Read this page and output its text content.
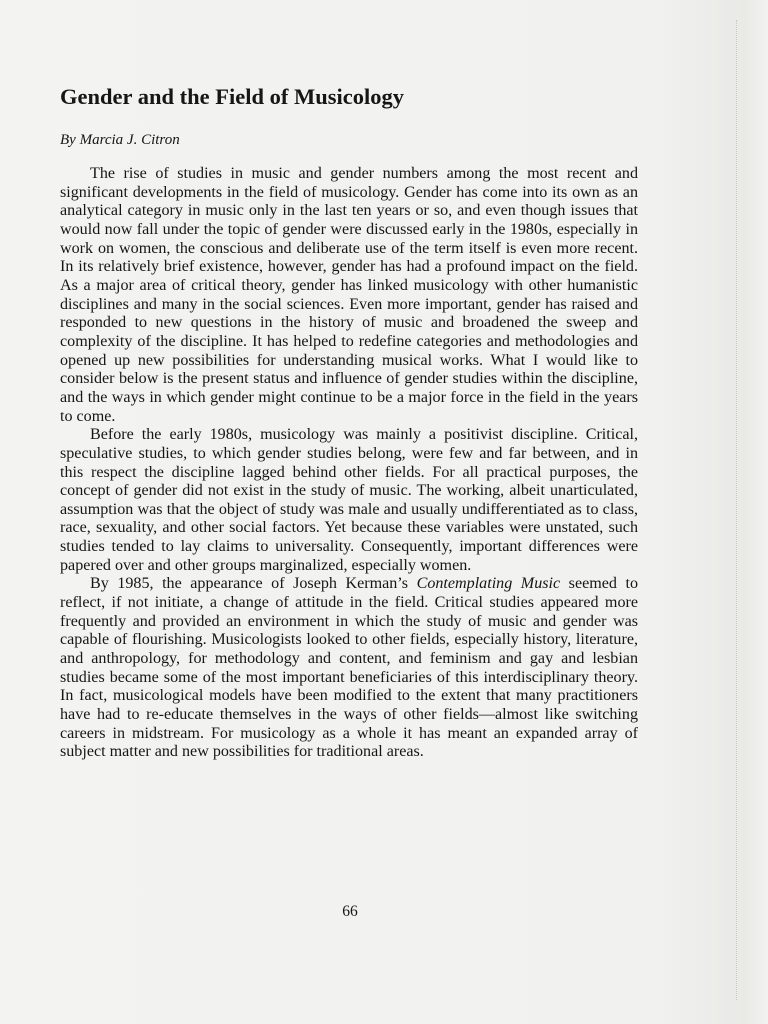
Gender and the Field of Musicology
By Marcia J. Citron

The rise of studies in music and gender numbers among the most recent and significant developments in the field of musicology. Gender has come into its own as an analytical category in music only in the last ten years or so, and even though issues that would now fall under the topic of gender were discussed early in the 1980s, especially in work on women, the conscious and deliberate use of the term itself is even more recent. In its relatively brief existence, however, gender has had a profound impact on the field. As a major area of critical theory, gender has linked musicology with other humanistic disciplines and many in the social sciences. Even more important, gender has raised and responded to new questions in the history of music and broadened the sweep and complexity of the discipline. It has helped to redefine categories and methodologies and opened up new possibilities for understanding musical works. What I would like to consider below is the present status and influence of gender studies within the discipline, and the ways in which gender might continue to be a major force in the field in the years to come.

Before the early 1980s, musicology was mainly a positivist discipline. Critical, speculative studies, to which gender studies belong, were few and far between, and in this respect the discipline lagged behind other fields. For all practical purposes, the concept of gender did not exist in the study of music. The working, albeit unarticulated, assumption was that the object of study was male and usually undifferentiated as to class, race, sexuality, and other social factors. Yet because these variables were unstated, such studies tended to lay claims to universality. Consequently, important differences were papered over and other groups marginalized, especially women.

By 1985, the appearance of Joseph Kerman’s Contemplating Music seemed to reflect, if not initiate, a change of attitude in the field. Critical studies appeared more frequently and provided an environment in which the study of music and gender was capable of flourishing. Musicologists looked to other fields, especially history, literature, and anthropology, for methodology and content, and feminism and gay and lesbian studies became some of the most important beneficiaries of this interdisciplinary theory. In fact, musicological models have been modified to the extent that many practitioners have had to re-educate themselves in the ways of other fields—almost like switching careers in midstream. For musicology as a whole it has meant an expanded array of subject matter and new possibilities for traditional areas.

66
